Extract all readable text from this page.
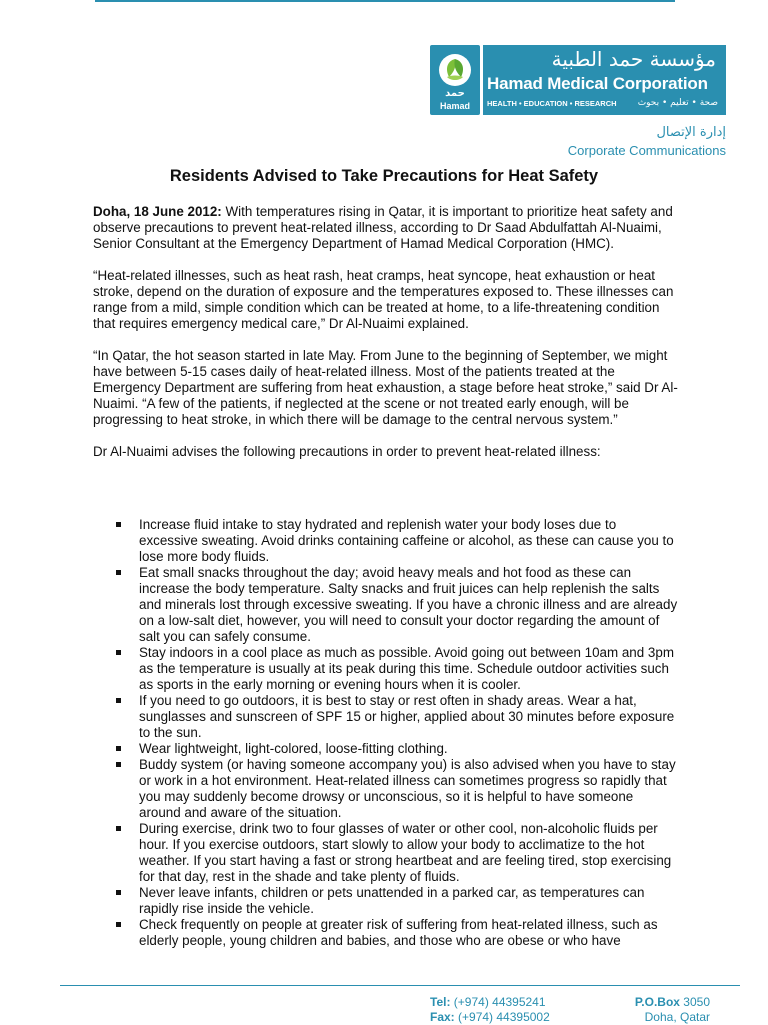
حمد
Hamad
مؤسسة حمد الطبية
Hamad Medical Corporation
HEALTH • EDUCATION • RESEARCH صحة • تعليم • بحوث
إدارة الإتصال
Corporate Communications
Residents Advised to Take Precautions for Heat Safety

Doha, 18 June 2012: With temperatures rising in Qatar, it is important to prioritize heat safety and observe precautions to prevent heat-related illness, according to Dr Saad Abdulfattah Al-Nuaimi, Senior Consultant at the Emergency Department of Hamad Medical Corporation (HMC).

“Heat-related illnesses, such as heat rash, heat cramps, heat syncope, heat exhaustion or heat stroke, depend on the duration of exposure and the temperatures exposed to. These illnesses can range from a mild, simple condition which can be treated at home, to a life-threatening condition that requires emergency medical care,” Dr Al-Nuaimi explained.

“In Qatar, the hot season started in late May. From June to the beginning of September, we might have between 5-15 cases daily of heat-related illness. Most of the patients treated at the Emergency Department are suffering from heat exhaustion, a stage before heat stroke,” said Dr Al-Nuaimi. “A few of the patients, if neglected at the scene or not treated early enough, will be progressing to heat stroke, in which there will be damage to the central nervous system.”

Dr Al-Nuaimi advises the following precautions in order to prevent heat-related illness:

Increase fluid intake to stay hydrated and replenish water your body loses due to excessive sweating. Avoid drinks containing caffeine or alcohol, as these can cause you to lose more body fluids.
Eat small snacks throughout the day; avoid heavy meals and hot food as these can increase the body temperature. Salty snacks and fruit juices can help replenish the salts and minerals lost through excessive sweating. If you have a chronic illness and are already on a low-salt diet, however, you will need to consult your doctor regarding the amount of salt you can safely consume.
Stay indoors in a cool place as much as possible. Avoid going out between 10am and 3pm as the temperature is usually at its peak during this time. Schedule outdoor activities such as sports in the early morning or evening hours when it is cooler.
If you need to go outdoors, it is best to stay or rest often in shady areas. Wear a hat, sunglasses and sunscreen of SPF 15 or higher, applied about 30 minutes before exposure to the sun.
Wear lightweight, light-colored, loose-fitting clothing.
Buddy system (or having someone accompany you) is also advised when you have to stay or work in a hot environment. Heat-related illness can sometimes progress so rapidly that you may suddenly become drowsy or unconscious, so it is helpful to have someone around and aware of the situation.
During exercise, drink two to four glasses of water or other cool, non-alcoholic fluids per hour. If you exercise outdoors, start slowly to allow your body to acclimatize to the hot weather. If you start having a fast or strong heartbeat and are feeling tired, stop exercising for that day, rest in the shade and take plenty of fluids.
Never leave infants, children or pets unattended in a parked car, as temperatures can rapidly rise inside the vehicle.
Check frequently on people at greater risk of suffering from heat-related illness, such as elderly people, young children and babies, and those who are obese or who have
Tel: (+974) 44395241
Fax: (+974) 44395002
P.O.Box 3050
Doha, Qatar
